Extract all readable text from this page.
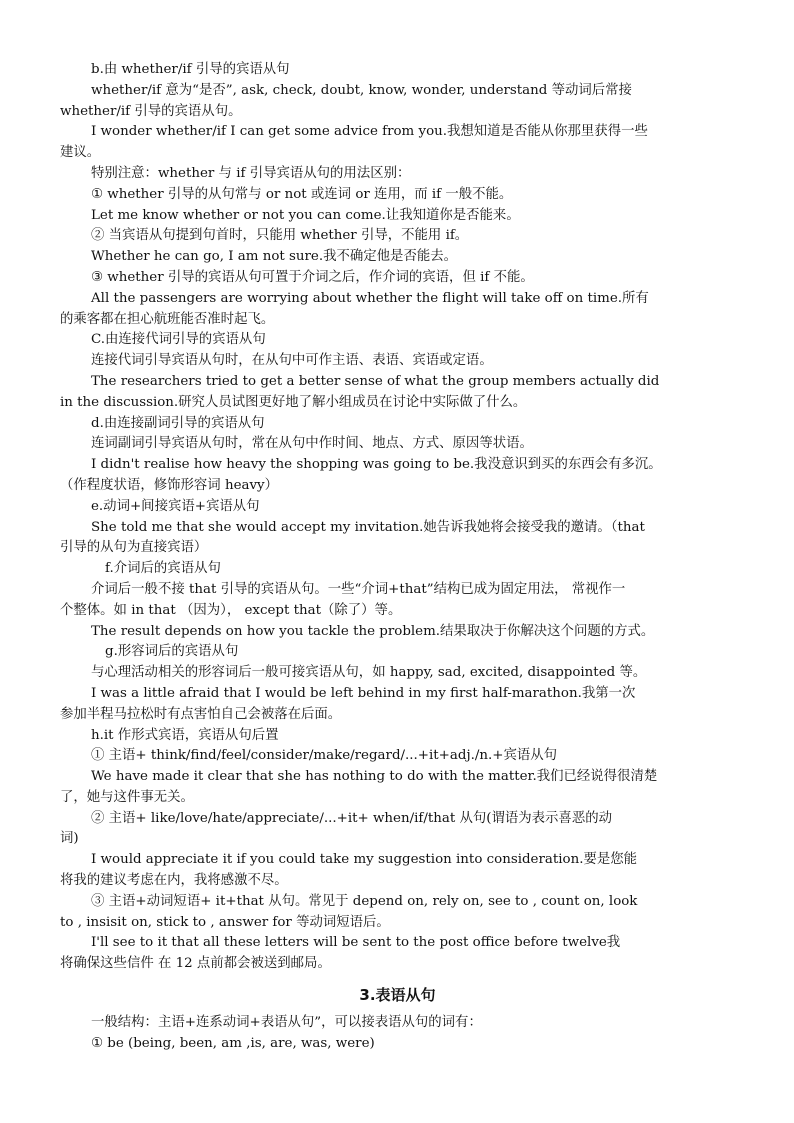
b.由 whether/if 引导的宾语从句
whether/if 意为“是否”, ask, check, doubt, know, wonder, understand 等动词后常接
whether/if 引导的宾语从句。
I wonder whether/if I can get some advice from you.我想知道是否能从你那里获得一些
建议。
特别注意：whether 与 if 引导宾语从句的用法区别：
① whether 引导的从句常与 or not 或连词 or 连用，而 if 一般不能。
Let me know whether or not you can come.让我知道你是否能来。
② 当宾语从句提到句首时，只能用 whether 引导，不能用 if。
Whether he can go, I am not sure.我不确定他是否能去。
③ whether 引导的宾语从句可置于介词之后，作介词的宾语，但 if 不能。
All the passengers are worrying about whether the flight will take off on time.所有
的乘客都在担心航班能否准时起飞。
C.由连接代词引导的宾语从句
连接代词引导宾语从句时，在从句中可作主语、表语、宾语或定语。
The researchers tried to get a better sense of what the group members actually did
in the discussion.研究人员试图更好地了解小组成员在讨论中实际做了什么。
d.由连接副词引导的宾语从句
连词副词引导宾语从句时，常在从句中作时间、地点、方式、原因等状语。
I didn't realise how heavy the shopping was going to be.我没意识到买的东西会有多沉。
（作程度状语，修饰形容词 heavy）
e.动词+间接宾语+宾语从句
She told me that she would accept my invitation.她告诉我她将会接受我的邀请。（that
引导的从句为直接宾语）
f.介词后的宾语从句
介词后一般不接 that 引导的宾语从句。一些“介词+that”结构已成为固定用法， 常视作一
个整体。如 in that （因为）， except that（除了）等。
The result depends on how you tackle the problem.结果取决于你解决这个问题的方式。
g.形容词后的宾语从句
与心理活动相关的形容词后一般可接宾语从句，如 happy, sad, excited, disappointed 等。
I was a little afraid that I would be left behind in my first half-marathon.我第一次
参加半程马拉松时有点害怕自己会被落在后面。
h.it 作形式宾语，宾语从句后置
① 主语+ think/find/feel/consider/make/regard/...+it+adj./n.+宾语从句
We have made it clear that she has nothing to do with the matter.我们已经说得很清楚
了，她与这件事无关。
② 主语+ like/love/hate/appreciate/...+it+ when/if/that 从句(谓语为表示喜恶的动
词)
I would appreciate it if you could take my suggestion into consideration.要是您能
将我的建议考虑在内，我将感激不尽。
③ 主语+动词短语+ it+that 从句。常见于 depend on, rely on, see to , count on, look
to , insisit on, stick to , answer for 等动词短语后。
I'll see to it that all these letters will be sent to the post office before twelve我
将确保这些信件 在 12 点前都会被送到邮局。
3.表语从句
一般结构：主语+连系动词+表语从句”，可以接表语从句的词有：
① be (being, been, am ,is, are, was, were)
